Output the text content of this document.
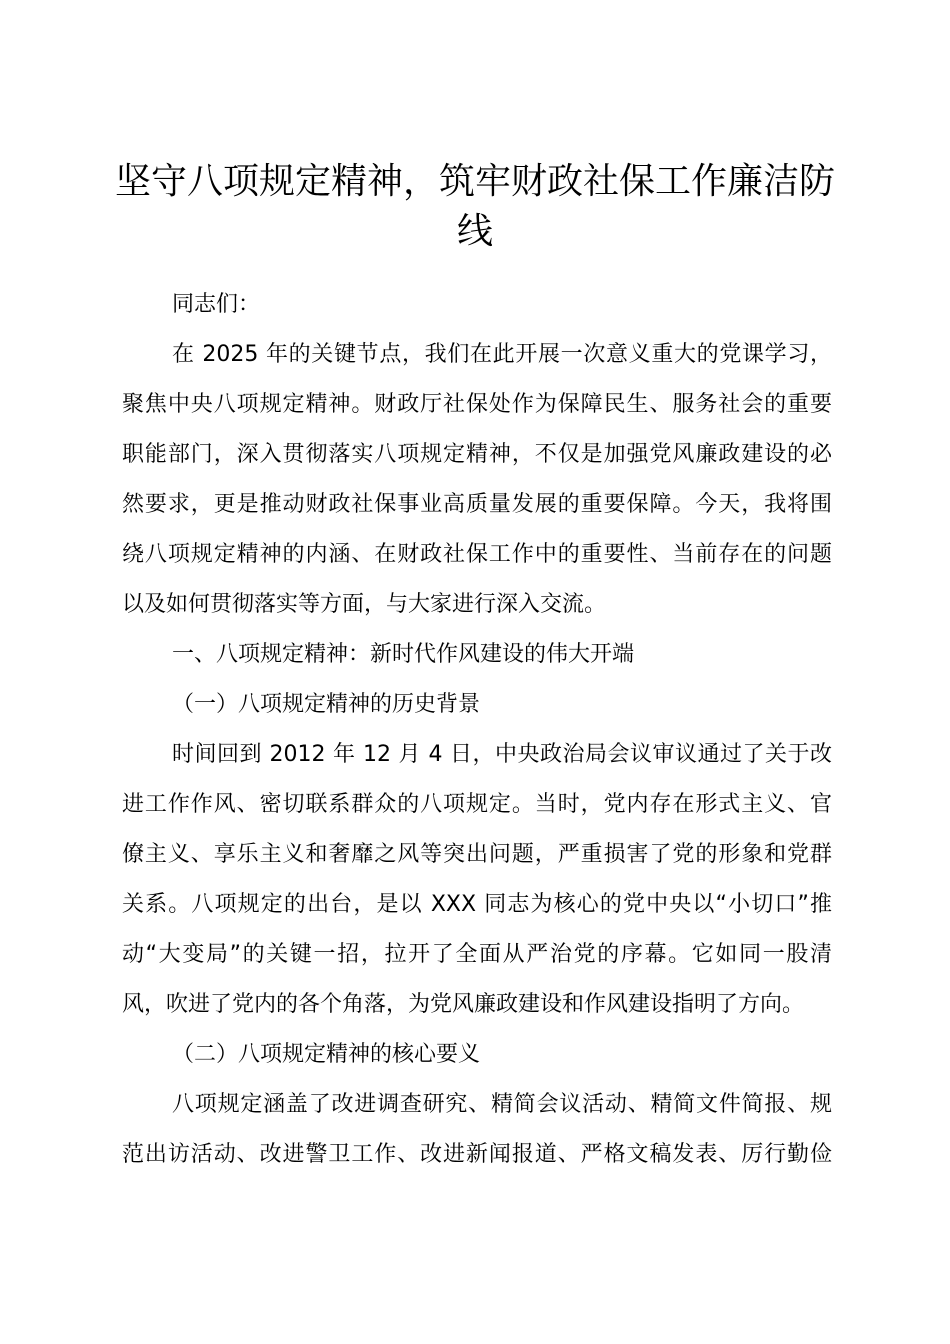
坚守八项规定精神，筑牢财政社保工作廉洁防
线

同志们：

在 2025 年的关键节点，我们在此开展一次意义重大的党课学习，

聚焦中央八项规定精神。财政厅社保处作为保障民生、服务社会的重要

职能部门，深入贯彻落实八项规定精神，不仅是加强党风廉政建设的必

然要求，更是推动财政社保事业高质量发展的重要保障。今天，我将围

绕八项规定精神的内涵、在财政社保工作中的重要性、当前存在的问题

以及如何贯彻落实等方面，与大家进行深入交流。

一、八项规定精神：新时代作风建设的伟大开端

（一）八项规定精神的历史背景

时间回到 2012 年 12 月 4 日，中央政治局会议审议通过了关于改

进工作作风、密切联系群众的八项规定。当时，党内存在形式主义、官

僚主义、享乐主义和奢靡之风等突出问题，严重损害了党的形象和党群

关系。八项规定的出台，是以 XXX 同志为核心的党中央以“小切口”推

动“大变局”的关键一招，拉开了全面从严治党的序幕。它如同一股清

风，吹进了党内的各个角落，为党风廉政建设和作风建设指明了方向。

（二）八项规定精神的核心要义

八项规定涵盖了改进调查研究、精简会议活动、精简文件简报、规

范出访活动、改进警卫工作、改进新闻报道、严格文稿发表、厉行勤俭
